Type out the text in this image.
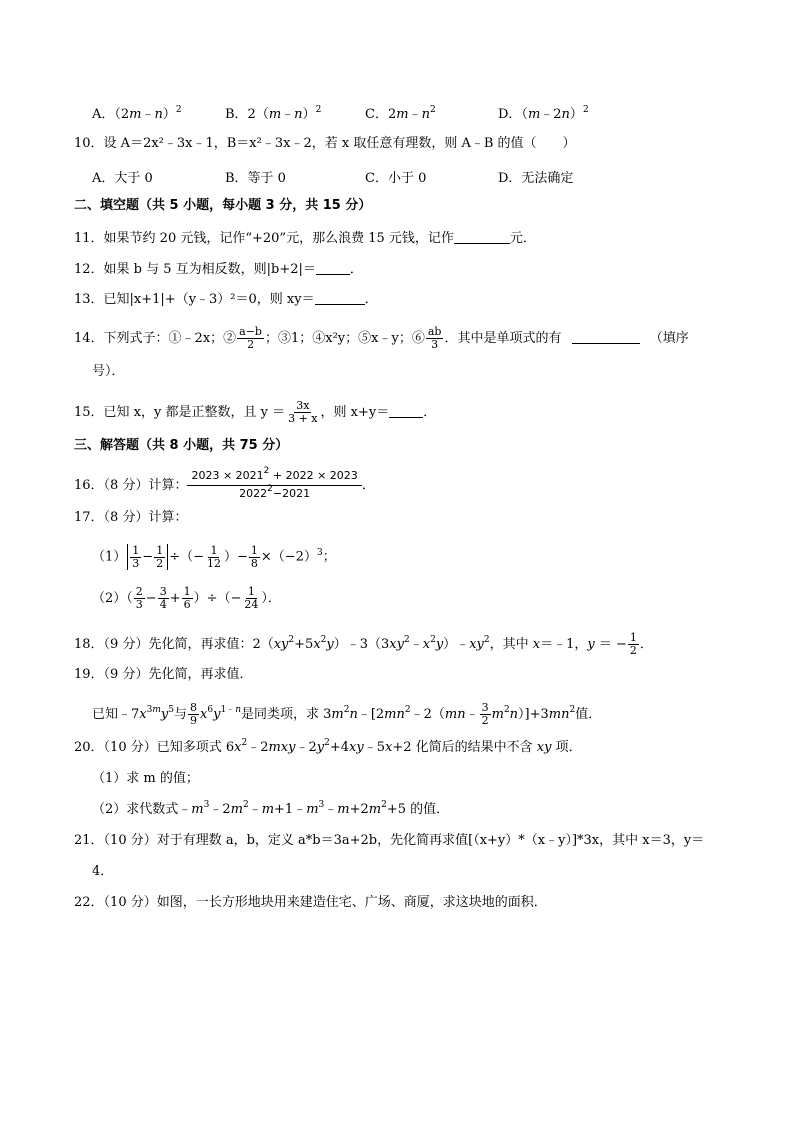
A．（2m﹣n）$^2$	B．2（m﹣n）$^2$	C．$2m﹣n^2$	D．（m﹣2n）$^2$
10．设 A＝2x²﹣3x﹣1，B＝x²﹣3x﹣2，若 x 取任意有理数，则 A﹣B 的值（　　）
A．大于 0	B．等于 0	C．小于 0	D．无法确定
二、填空题（共 5 小题，每小题 3 分，共 15 分）
11．如果节约 20 元钱，记作“+20”元，那么浪费 15 元钱，记作	元．
12．如果 b 与 5 互为相反数，则|b+2|＝	．
13．已知|x+1|+（y﹣3）²＝0，则 xy＝	．
14．下列式子：①﹣2x；② $\frac{a-b}{2}$ ；③1；④x²y；⑤x﹣y；⑥ $\frac{ab}{3}$ ．其中是单项式的有	（填序
号）．
15．已知 x，y 都是正整数，且 $y = \frac{3x}{3 + x}$ ，则 x+y＝	．
三、解答题（共 8 小题，共 75 分）
16．（8 分）计算： $\frac{2023 \times 2021^2 + 2022 \times 2023}{2022^2-2021}$ ．
17．（8 分）计算：
$(1) \frac{1}{3} - \frac{1}{2}$ ÷（− $\frac{1}{12}$ ）− $\frac{1}{8} \times(-2)^3$；
$(2)( \frac{2}{3} - \frac{3}{4} + \frac{1}{6}$ ）÷（− $\frac{1}{24}$ ）．
18．（9 分）先化简，再求值：$2(xy^2+5x^2y)﹣3(3xy^2﹣x^2y)﹣xy^2$，其中 x＝﹣1，y ＝ − $\frac{1}{2}$ ．
19．（9 分）先化简，再求值．
已知$﹣7x^{3m}y^5$与 $\frac{8}{9} x^6y^{1﹣n}$是同类项，求 $3m^2n﹣[2mn^2﹣2(mn﹣ \frac{3}{2} m^2n)]+3mn^2$值．
20．（10 分）已知多项式 $6x^2﹣2mxy﹣2y^2+4xy﹣5x+2$ 化简后的结果中不含 xy 项．
（1）求 m 的值；
（2）求代数式$﹣m^3﹣2m^2﹣m+1﹣m^3﹣m+2m^2+5$ 的值．
21．（10 分）对于有理数 a，b，定义 a*b＝3a+2b，先化简再求值[（x+y）*（x﹣y）]*3x，其中 x＝3，y＝
4．
22．（10 分）如图，一长方形地块用来建造住宅、广场、商厦，求这块地的面积．
